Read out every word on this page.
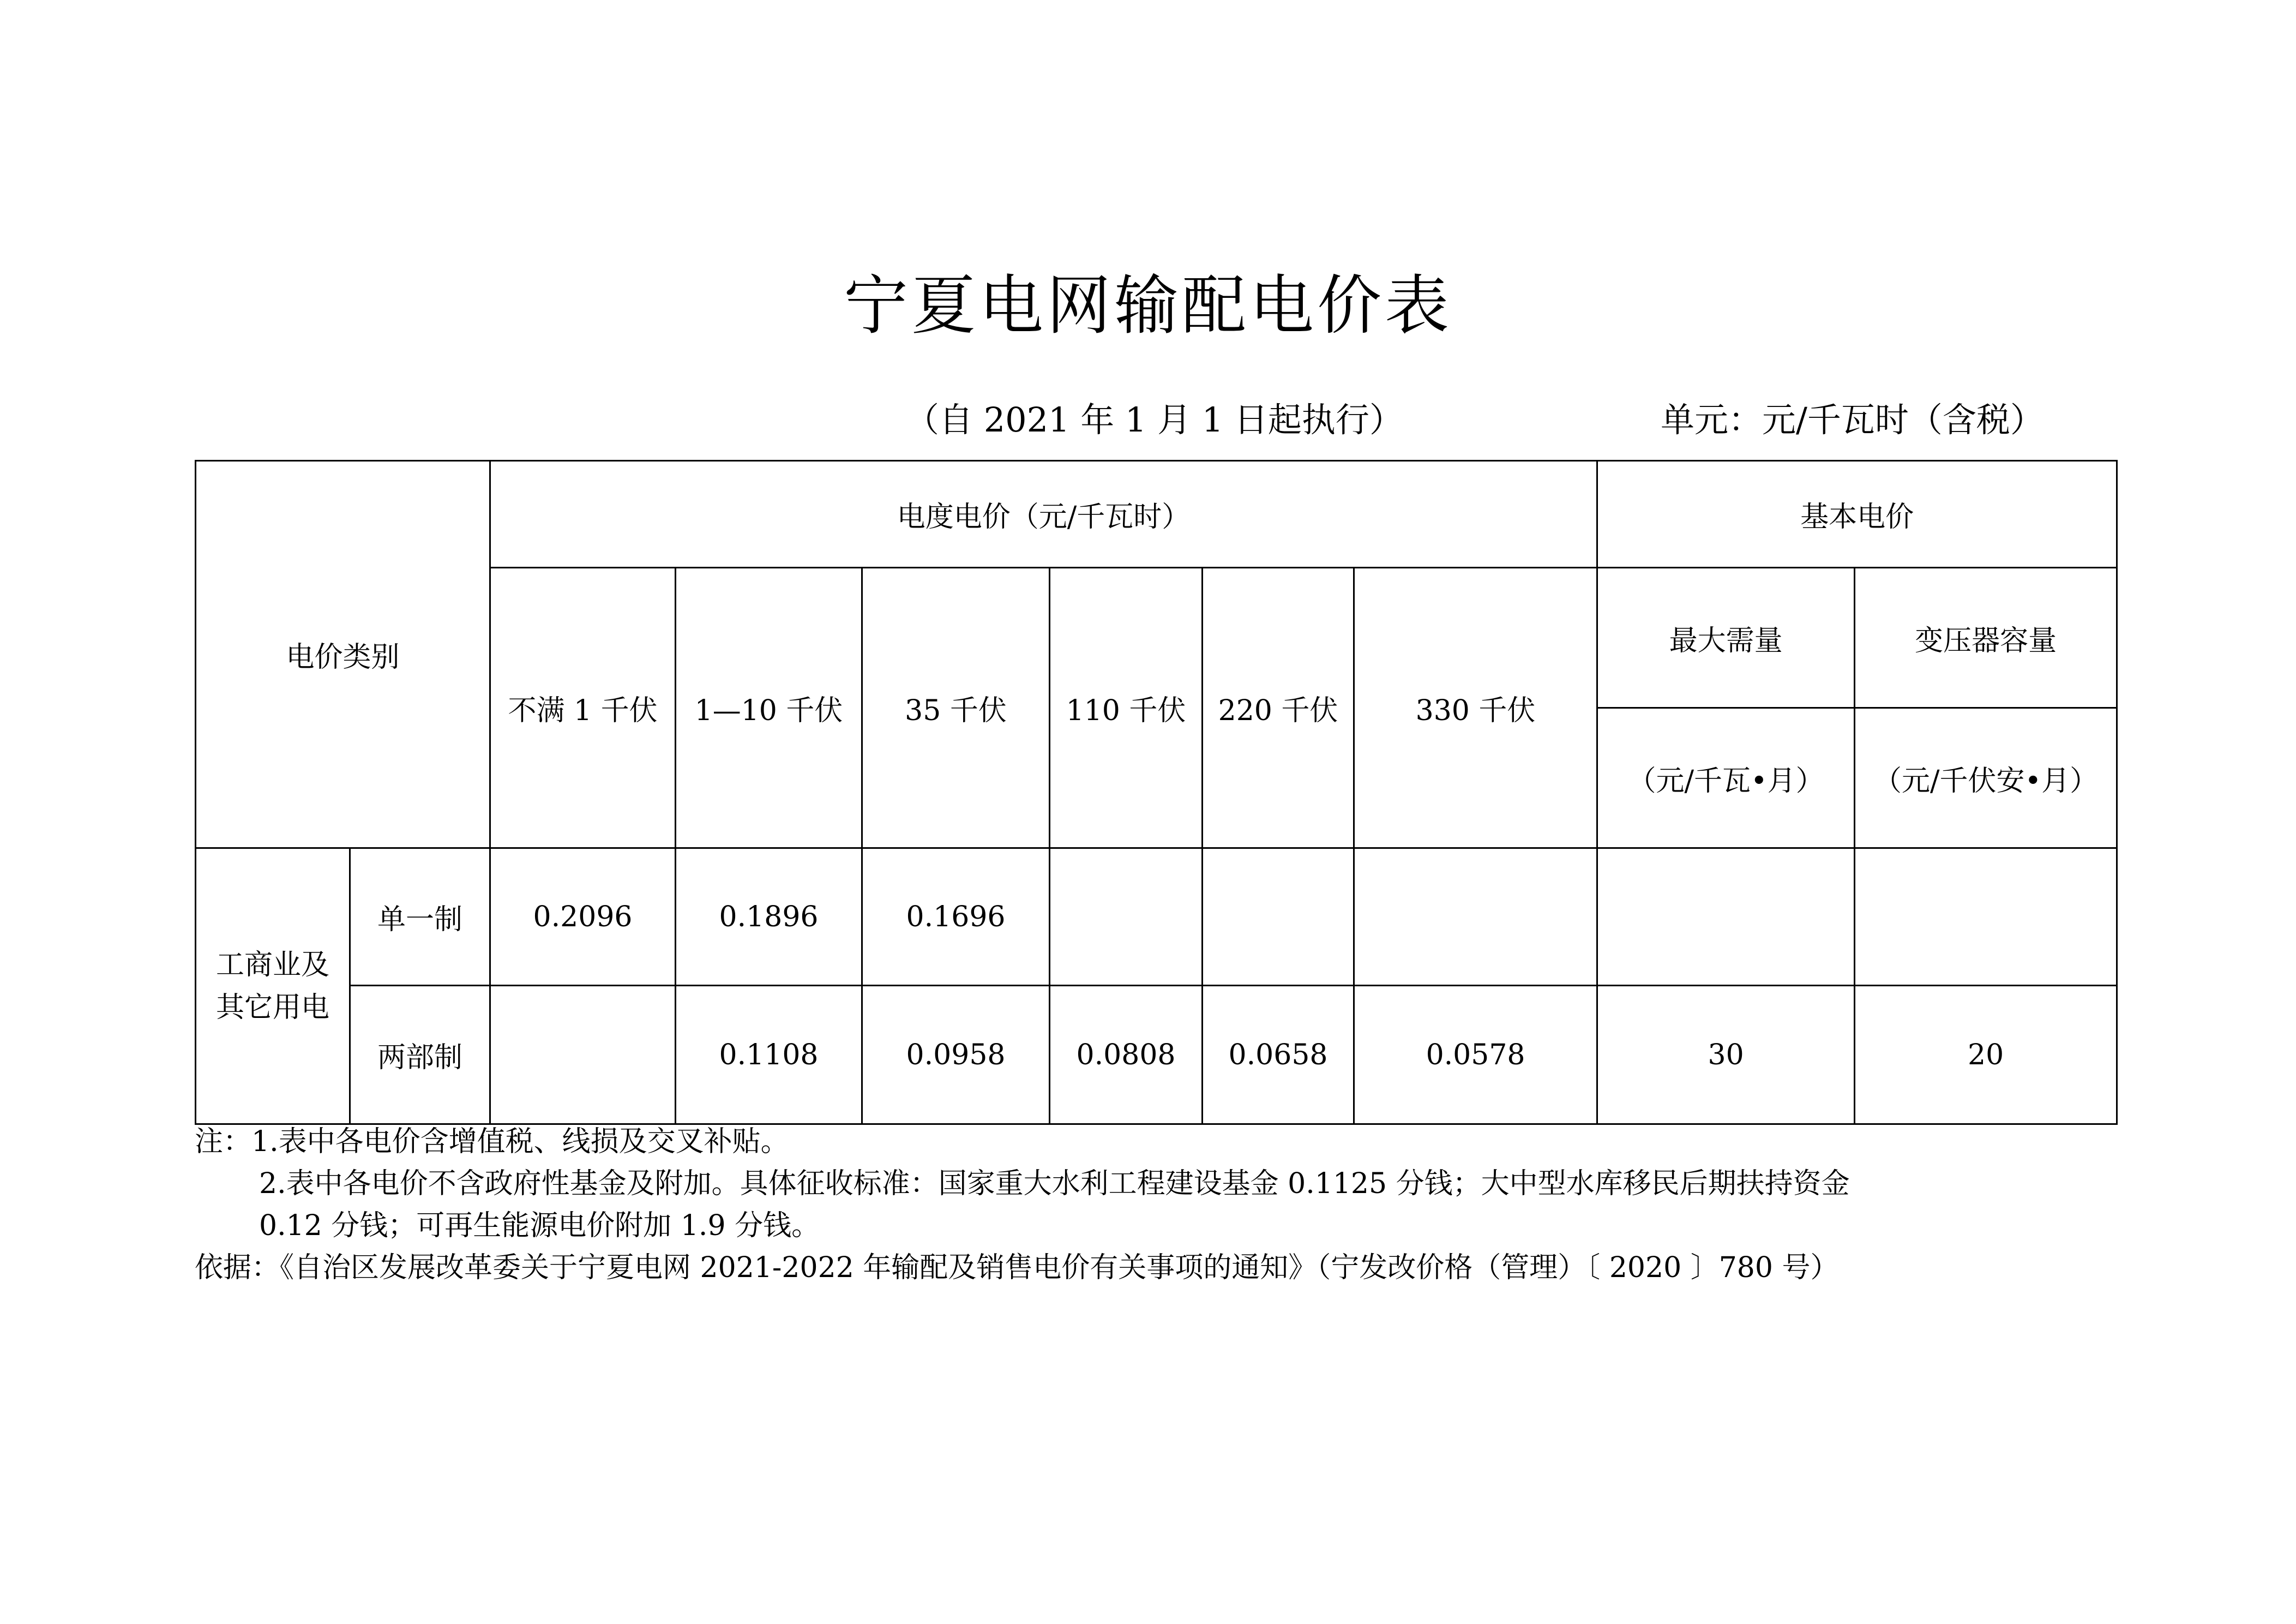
宁夏电网输配电价表
（自 2021 年 1 月 1 日起执行）	单元：元/千瓦时（含税）
电价类别		电度电价（元/千瓦时）						基本电价	
		不满 1 千伏	1—10 千伏	35 千伏	110 千伏	220 千伏	330 千伏	最大需量	变压器容量
								（元/千瓦•月）	（元/千伏安•月）
工商业及其它用电	单一制	0.2096	0.1896	0.1696					
	两部制		0.1108	0.0958	0.0808	0.0658	0.0578	30	20
注：1.表中各电价含增值税、线损及交叉补贴。
2.表中各电价不含政府性基金及附加。具体征收标准：国家重大水利工程建设基金 0.1125 分钱；大中型水库移民后期扶持资金
0.12 分钱；可再生能源电价附加 1.9 分钱。
依据：《自治区发展改革委关于宁夏电网 2021-2022 年输配及销售电价有关事项的通知》（宁发改价格（管理）〔 2020 〕780 号）
